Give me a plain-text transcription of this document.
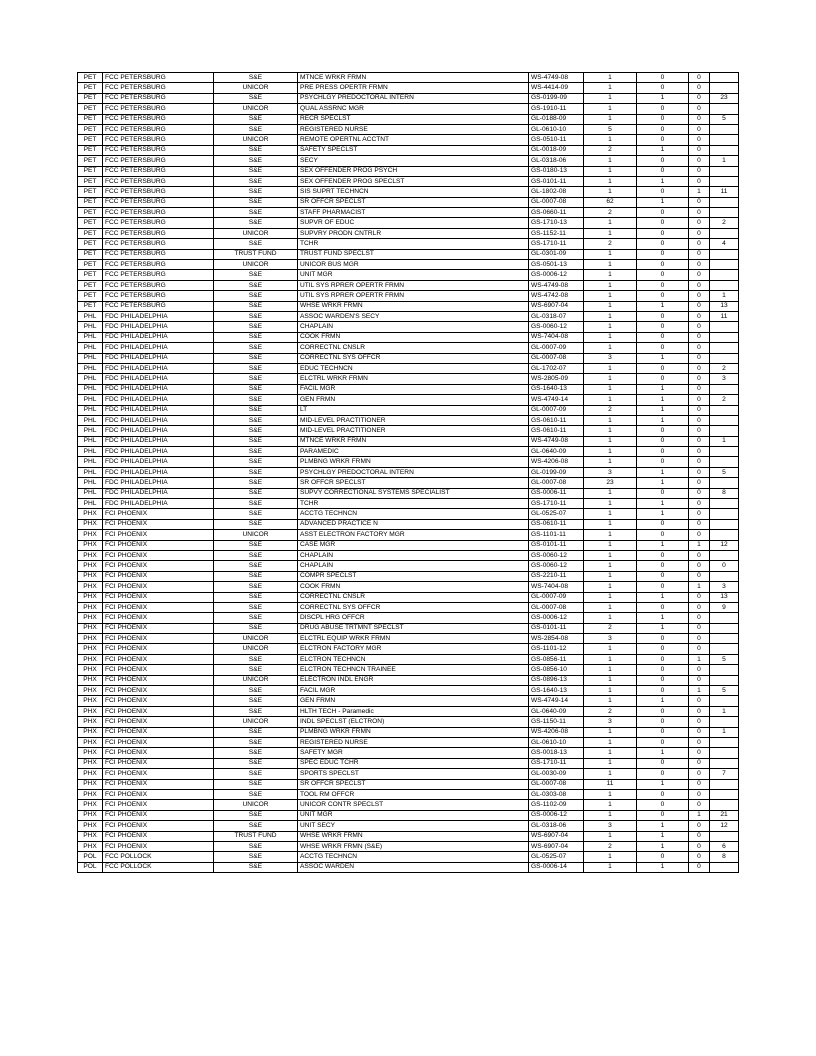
PET	FCC PETERSBURG	S&E	MTNCE WRKR FRMN	WS-4749-08	1	0	0	
PET	FCC PETERSBURG	UNICOR	PRE PRESS OPERTR FRMN	WS-4414-09	1	0	0	
PET	FCC PETERSBURG	S&E	PSYCHLGY PREDOCTORAL INTERN	GS-0199-09	1	1	0	23
PET	FCC PETERSBURG	UNICOR	QUAL ASSRNC MGR	GS-1910-11	1	0	0	
PET	FCC PETERSBURG	S&E	RECR SPECLST	GL-0188-09	1	0	0	5
PET	FCC PETERSBURG	S&E	REGISTERED NURSE	GL-0610-10	5	0	0	
PET	FCC PETERSBURG	UNICOR	REMOTE OPERTNL ACCTNT	GS-0510-11	1	0	0	
PET	FCC PETERSBURG	S&E	SAFETY SPECLST	GL-0018-09	2	1	0	
PET	FCC PETERSBURG	S&E	SECY	GL-0318-06	1	0	0	1
PET	FCC PETERSBURG	S&E	SEX OFFENDER PROG PSYCH	GS-0180-13	1	0	0	
PET	FCC PETERSBURG	S&E	SEX OFFENDER PROG SPECLST	GS-0101-11	1	1	0	
PET	FCC PETERSBURG	S&E	SIS SUPRT TECHNCN	GL-1802-08	1	0	1	11
PET	FCC PETERSBURG	S&E	SR OFFCR SPECLST	GL-0007-08	62	1	0	
PET	FCC PETERSBURG	S&E	STAFF PHARMACIST	GS-0660-11	2	0	0	
PET	FCC PETERSBURG	S&E	SUPVR OF EDUC	GS-1710-13	1	0	0	2
PET	FCC PETERSBURG	UNICOR	SUPVRY PRODN CNTRLR	GS-1152-11	1	0	0	
PET	FCC PETERSBURG	S&E	TCHR	GS-1710-11	2	0	0	4
PET	FCC PETERSBURG	TRUST FUND	TRUST FUND SPECLST	GL-0301-09	1	0	0	
PET	FCC PETERSBURG	UNICOR	UNICOR BUS MGR	GS-0501-13	1	0	0	
PET	FCC PETERSBURG	S&E	UNIT MGR	GS-0006-12	1	0	0	
PET	FCC PETERSBURG	S&E	UTIL SYS RPRER OPERTR FRMN	WS-4749-08	1	0	0	
PET	FCC PETERSBURG	S&E	UTIL SYS RPRER OPERTR FRMN	WS-4742-08	1	0	0	1
PET	FCC PETERSBURG	S&E	WHSE WRKR FRMN	WS-6907-04	1	1	0	13
PHL	FDC PHILADELPHIA	S&E	ASSOC WARDEN'S SECY	GL-0318-07	1	0	0	11
PHL	FDC PHILADELPHIA	S&E	CHAPLAIN	GS-0060-12	1	0	0	
PHL	FDC PHILADELPHIA	S&E	COOK FRMN	WS-7404-08	1	0	0	
PHL	FDC PHILADELPHIA	S&E	CORRECTNL CNSLR	GL-0007-09	1	0	0	
PHL	FDC PHILADELPHIA	S&E	CORRECTNL SYS OFFCR	GL-0007-08	3	1	0	
PHL	FDC PHILADELPHIA	S&E	EDUC TECHNCN	GL-1702-07	1	0	0	2
PHL	FDC PHILADELPHIA	S&E	ELCTRL WRKR FRMN	WS-2805-09	1	0	0	3
PHL	FDC PHILADELPHIA	S&E	FACIL MGR	GS-1640-13	1	1	0	
PHL	FDC PHILADELPHIA	S&E	GEN FRMN	WS-4749-14	1	1	0	2
PHL	FDC PHILADELPHIA	S&E	LT	GL-0007-09	2	1	0	
PHL	FDC PHILADELPHIA	S&E	MID-LEVEL PRACTITIONER	GS-0610-11	1	1	0	
PHL	FDC PHILADELPHIA	S&E	MID-LEVEL PRACTITIONER	GS-0610-11	1	0	0	
PHL	FDC PHILADELPHIA	S&E	MTNCE WRKR FRMN	WS-4749-08	1	0	0	1
PHL	FDC PHILADELPHIA	S&E	PARAMEDIC	GL-0640-09	1	0	0	
PHL	FDC PHILADELPHIA	S&E	PLMBNG WRKR FRMN	WS-4206-08	1	0	0	
PHL	FDC PHILADELPHIA	S&E	PSYCHLGY PREDOCTORAL INTERN	GL-0199-09	3	1	0	5
PHL	FDC PHILADELPHIA	S&E	SR OFFCR SPECLST	GL-0007-08	23	1	0	
PHL	FDC PHILADELPHIA	S&E	SUPVY CORRECTIONAL SYSTEMS SPECIALIST	GS-0006-11	1	0	0	8
PHL	FDC PHILADELPHIA	S&E	TCHR	GS-1710-11	1	1	0	
PHX	FCI PHOENIX	S&E	ACCTG TECHNCN	GL-0525-07	1	1	0	
PHX	FCI PHOENIX	S&E	ADVANCED PRACTICE N	GS-0610-11	1	0	0	
PHX	FCI PHOENIX	UNICOR	ASST ELECTRON FACTORY MGR	GS-1101-11	1	0	0	
PHX	FCI PHOENIX	S&E	CASE MGR	GS-0101-11	1	1	1	12
PHX	FCI PHOENIX	S&E	CHAPLAIN	GS-0060-12	1	0	0	
PHX	FCI PHOENIX	S&E	CHAPLAIN	GS-0060-12	1	0	0	0
PHX	FCI PHOENIX	S&E	COMPR SPECLST	GS-2210-11	1	0	0	
PHX	FCI PHOENIX	S&E	COOK FRMN	WS-7404-08	1	0	1	3
PHX	FCI PHOENIX	S&E	CORRECTNL CNSLR	GL-0007-09	1	1	0	13
PHX	FCI PHOENIX	S&E	CORRECTNL SYS OFFCR	GL-0007-08	1	0	0	9
PHX	FCI PHOENIX	S&E	DISCPL HRG OFFCR	GS-0006-12	1	1	0	
PHX	FCI PHOENIX	S&E	DRUG ABUSE TRTMNT SPECLST	GS-0101-11	2	1	0	
PHX	FCI PHOENIX	UNICOR	ELCTRL EQUIP WRKR FRMN	WS-2854-08	3	0	0	
PHX	FCI PHOENIX	UNICOR	ELCTRON FACTORY MGR	GS-1101-12	1	0	0	
PHX	FCI PHOENIX	S&E	ELCTRON TECHNCN	GS-0856-11	1	0	1	5
PHX	FCI PHOENIX	S&E	ELCTRON TECHNCN TRAINEE	GS-0856-10	1	0	0	
PHX	FCI PHOENIX	UNICOR	ELECTRON INDL ENGR	GS-0896-13	1	0	0	
PHX	FCI PHOENIX	S&E	FACIL MGR	GS-1640-13	1	0	1	5
PHX	FCI PHOENIX	S&E	GEN FRMN	WS-4749-14	1	1	0	
PHX	FCI PHOENIX	S&E	HLTH TECH - Paramedic	GL-0640-09	2	0	0	1
PHX	FCI PHOENIX	UNICOR	INDL SPECLST (ELCTRON)	GS-1150-11	3	0	0	
PHX	FCI PHOENIX	S&E	PLMBNG WRKR FRMN	WS-4206-08	1	0	0	1
PHX	FCI PHOENIX	S&E	REGISTERED NURSE	GL-0610-10	1	0	0	
PHX	FCI PHOENIX	S&E	SAFETY MGR	GS-0018-13	1	1	0	
PHX	FCI PHOENIX	S&E	SPEC EDUC TCHR	GS-1710-11	1	0	0	
PHX	FCI PHOENIX	S&E	SPORTS SPECLST	GL-0030-09	1	0	0	7
PHX	FCI PHOENIX	S&E	SR OFFCR SPECLST	GL-0007-08	11	1	0	
PHX	FCI PHOENIX	S&E	TOOL RM OFFCR	GL-0303-08	1	0	0	
PHX	FCI PHOENIX	UNICOR	UNICOR CONTR SPECLST	GS-1102-09	1	0	0	
PHX	FCI PHOENIX	S&E	UNIT MGR	GS-0006-12	1	0	1	21
PHX	FCI PHOENIX	S&E	UNIT SECY	GL-0318-06	3	1	0	12
PHX	FCI PHOENIX	TRUST FUND	WHSE WRKR FRMN	WS-6907-04	1	1	0	
PHX	FCI PHOENIX	S&E	WHSE WRKR FRMN (S&E)	WS-6907-04	2	1	0	6
POL	FCC POLLOCK	S&E	ACCTG TECHNCN	GL-0525-07	1	0	0	8
POL	FCC POLLOCK	S&E	ASSOC WARDEN	GS-0006-14	1	1	0	
